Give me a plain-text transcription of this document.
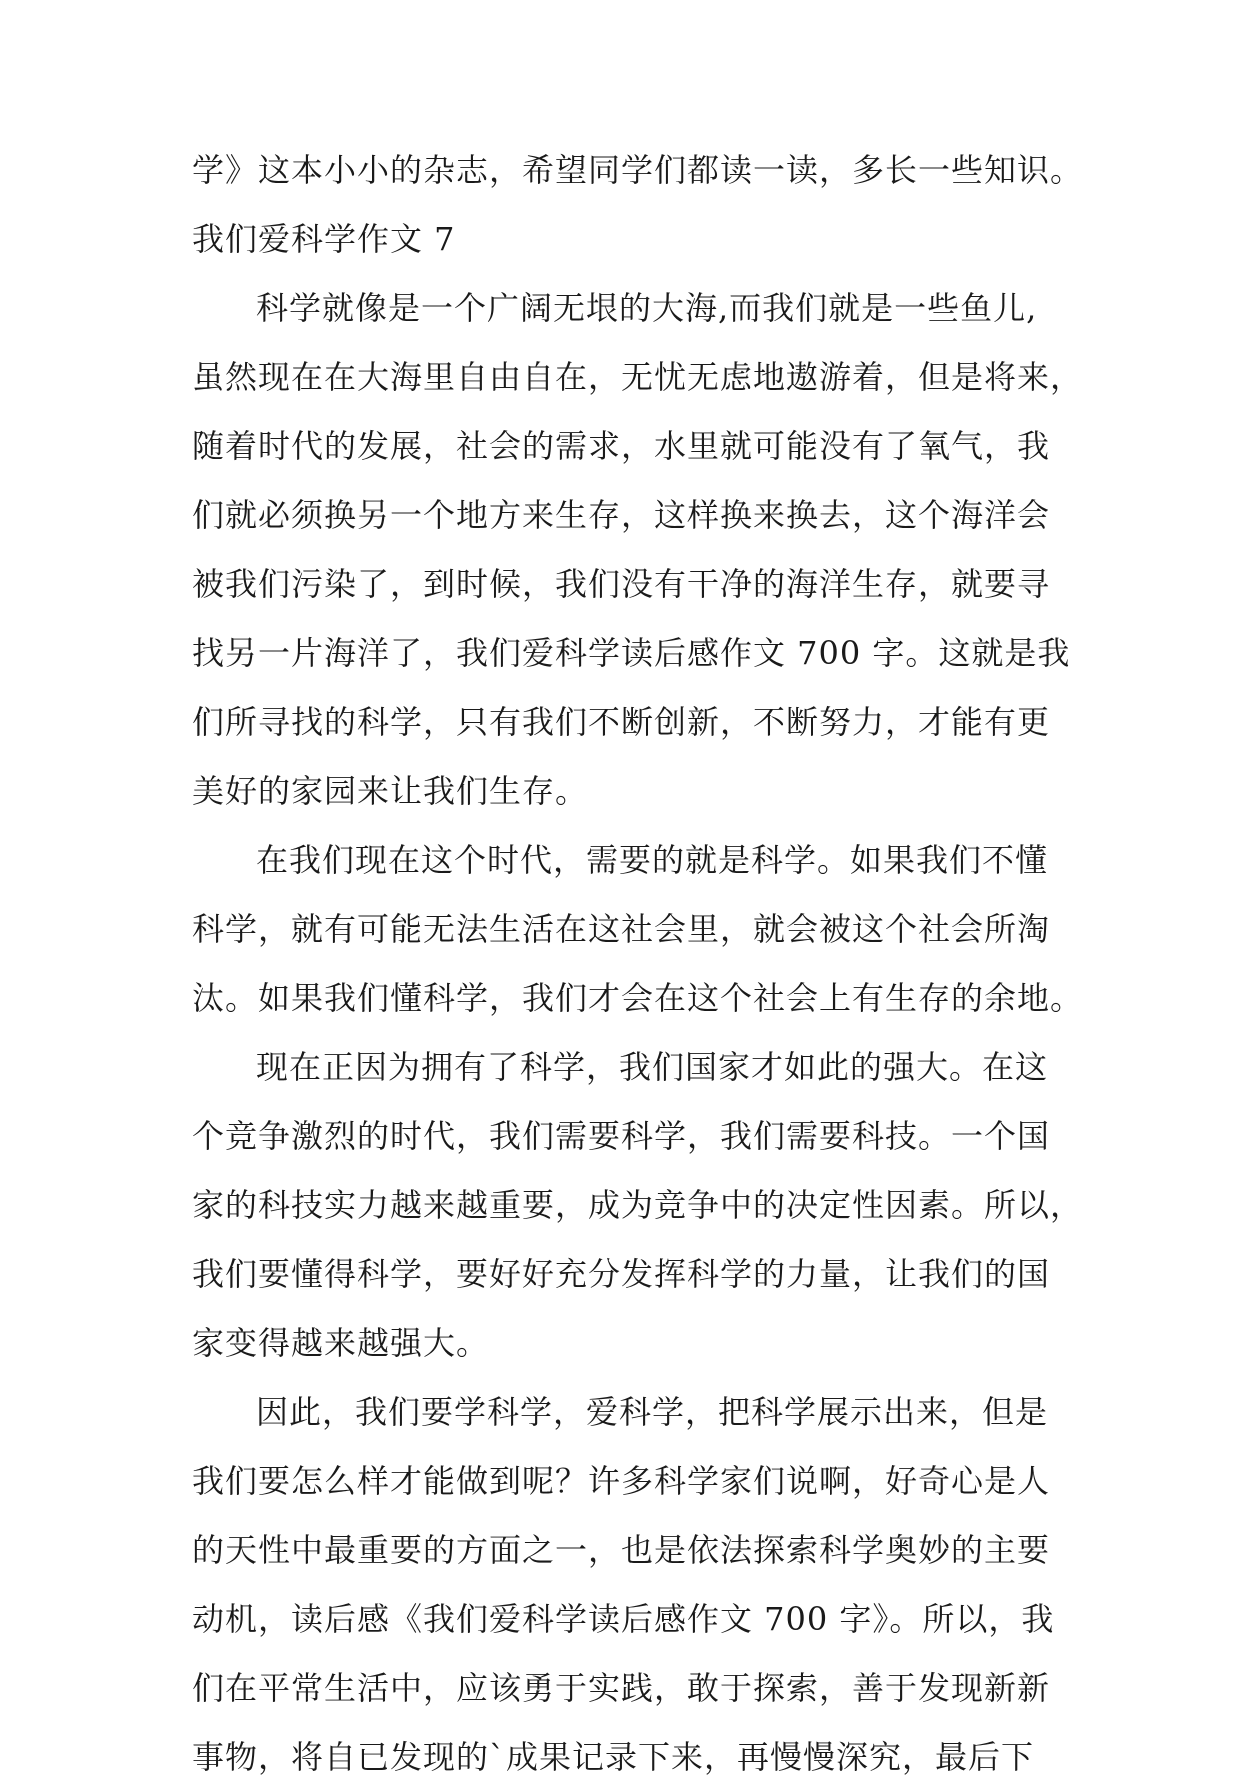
学》这本小小的杂志，希望同学们都读一读，多长一些知识。
我们爱科学作文 7
科学就像是一个广阔无垠的大海,而我们就是一些鱼儿,
虽然现在在大海里自由自在，无忧无虑地遨游着，但是将来，
随着时代的发展，社会的需求，水里就可能没有了氧气，我
们就必须换另一个地方来生存，这样换来换去，这个海洋会
被我们污染了，到时候，我们没有干净的海洋生存，就要寻
找另一片海洋了，我们爱科学读后感作文 700 字。这就是我
们所寻找的科学，只有我们不断创新，不断努力，才能有更
美好的家园来让我们生存。
在我们现在这个时代，需要的就是科学。如果我们不懂
科学，就有可能无法生活在这社会里，就会被这个社会所淘
汰。如果我们懂科学，我们才会在这个社会上有生存的余地。
现在正因为拥有了科学，我们国家才如此的强大。在这
个竞争激烈的时代，我们需要科学，我们需要科技。一个国
家的科技实力越来越重要，成为竞争中的决定性因素。所以，
我们要懂得科学，要好好充分发挥科学的力量，让我们的国
家变得越来越强大。
因此，我们要学科学，爱科学，把科学展示出来，但是
我们要怎么样才能做到呢？许多科学家们说啊，好奇心是人
的天性中最重要的方面之一，也是依法探索科学奥妙的主要
动机，读后感《我们爱科学读后感作文 700 字》。所以，我
们在平常生活中，应该勇于实践，敢于探索，善于发现新新
事物，将自已发现的`成果记录下来，再慢慢深究，最后下
